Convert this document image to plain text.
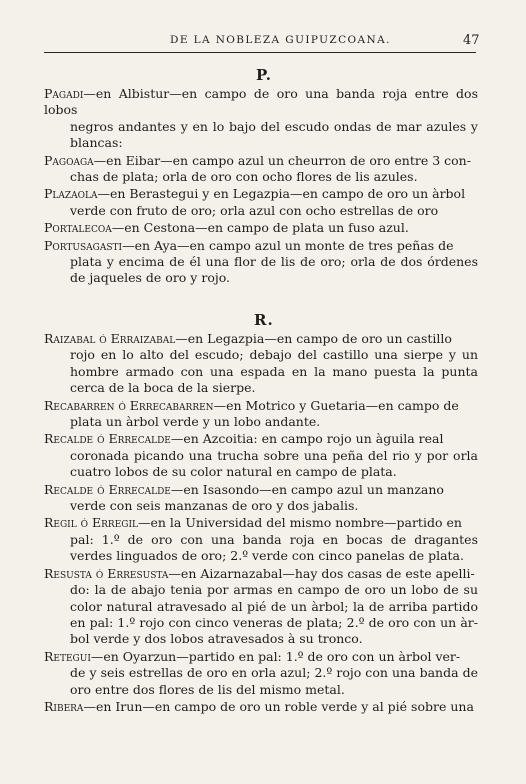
DE LA NOBLEZA GUIPUZCOANA.	47
P.

Pagadi—en Albistur—en campo de oro una banda roja entre dos lobos
negros andantes y en lo bajo del escudo ondas de mar azules y blancas:

Pagoaga—en Eibar—en campo azul un cheurron de oro entre 3 con-
chas de plata; orla de oro con ocho flores de lis azules.

Plazaola—en Berastegui y en Legazpia—en campo de oro un àrbol
verde con fruto de oro; orla azul con ocho estrellas de oro

Portalecoa—en Cestona—en campo de plata un fuso azul.

Portusagasti—en Aya—en campo azul un monte de tres peñas de
plata y encima de él una flor de lis de oro; orla de dos órdenes de jaqueles de oro y rojo.

R.

Raizabal ó Erraizabal—en Legazpia—en campo de oro un castillo
rojo en lo alto del escudo; debajo del castillo una sierpe y un hombre armado con una espada en la mano puesta la punta cerca de la boca de la sierpe.

Recabarren ó Errecabarren—en Motrico y Guetaria—en campo de
plata un àrbol verde y un lobo andante.

Recalde ó Errecalde—en Azcoitia: en campo rojo un àguila real
coronada picando una trucha sobre una peña del rio y por orla cuatro lobos de su color natural en campo de plata.

Recalde ó Errecalde—en Isasondo—en campo azul un manzano
verde con seis manzanas de oro y dos jabalis.

Regil ó Erregil—en la Universidad del mismo nombre—partido en
pal: 1.º de oro con una banda roja en bocas de dragantes verdes linguados de oro; 2.º verde con cinco panelas de plata.

Resusta ó Erresusta—en Aizarnazabal—hay dos casas de este apelli-
do: la de abajo tenia por armas en campo de oro un lobo de su color natural atravesado al pié de un àrbol; la de arriba partido en pal: 1.º rojo con cinco veneras de plata; 2.º de oro con un àr- bol verde y dos lobos atravesados à su tronco.

Retegui—en Oyarzun—partido en pal: 1.º de oro con un àrbol ver-
de y seis estrellas de oro en orla azul; 2.º rojo con una banda de oro entre dos flores de lis del mismo metal.

Ribera—en Irun—en campo de oro un roble verde y al pié sobre una
